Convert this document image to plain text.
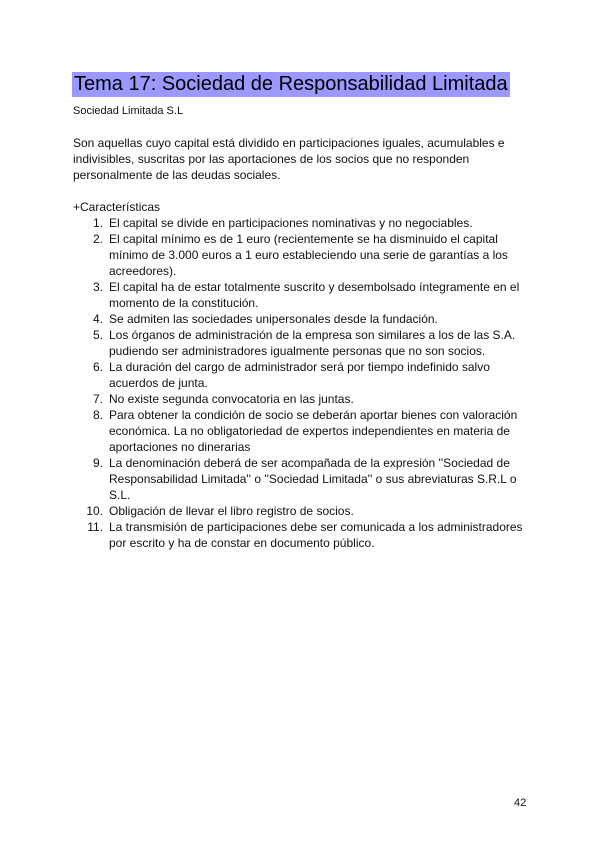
Tema 17: Sociedad de Responsabilidad Limitada
Sociedad Limitada S.L

Son aquellas cuyo capital está dividido en participaciones iguales, acumulables e indivisibles, suscritas por las aportaciones de los socios que no responden personalmente de las deudas sociales.

+Características
1. El capital se divide en participaciones nominativas y no negociables.
2. El capital mínimo es de 1 euro (recientemente se ha disminuido el capital mínimo de 3.000 euros a 1 euro estableciendo una serie de garantías a los acreedores).
3. El capital ha de estar totalmente suscrito y desembolsado íntegramente en el momento de la constitución.
4. Se admiten las sociedades unipersonales desde la fundación.
5. Los órganos de administración de la empresa son similares a los de las S.A. pudiendo ser administradores igualmente personas que no son socios.
6. La duración del cargo de administrador será por tiempo indefinido salvo acuerdos de junta.
7. No existe segunda convocatoria en las juntas.
8. Para obtener la condición de socio se deberán aportar bienes con valoración económica. La no obligatoriedad de expertos independientes en materia de aportaciones no dinerarias
9. La denominación deberá de ser acompañada de la expresión ''Sociedad de Responsabilidad Limitada'' o ''Sociedad Limitada'' o sus abreviaturas S.R.L o S.L.
10. Obligación de llevar el libro registro de socios.
11. La transmisión de participaciones debe ser comunicada a los administradores por escrito y ha de constar en documento público.
42
